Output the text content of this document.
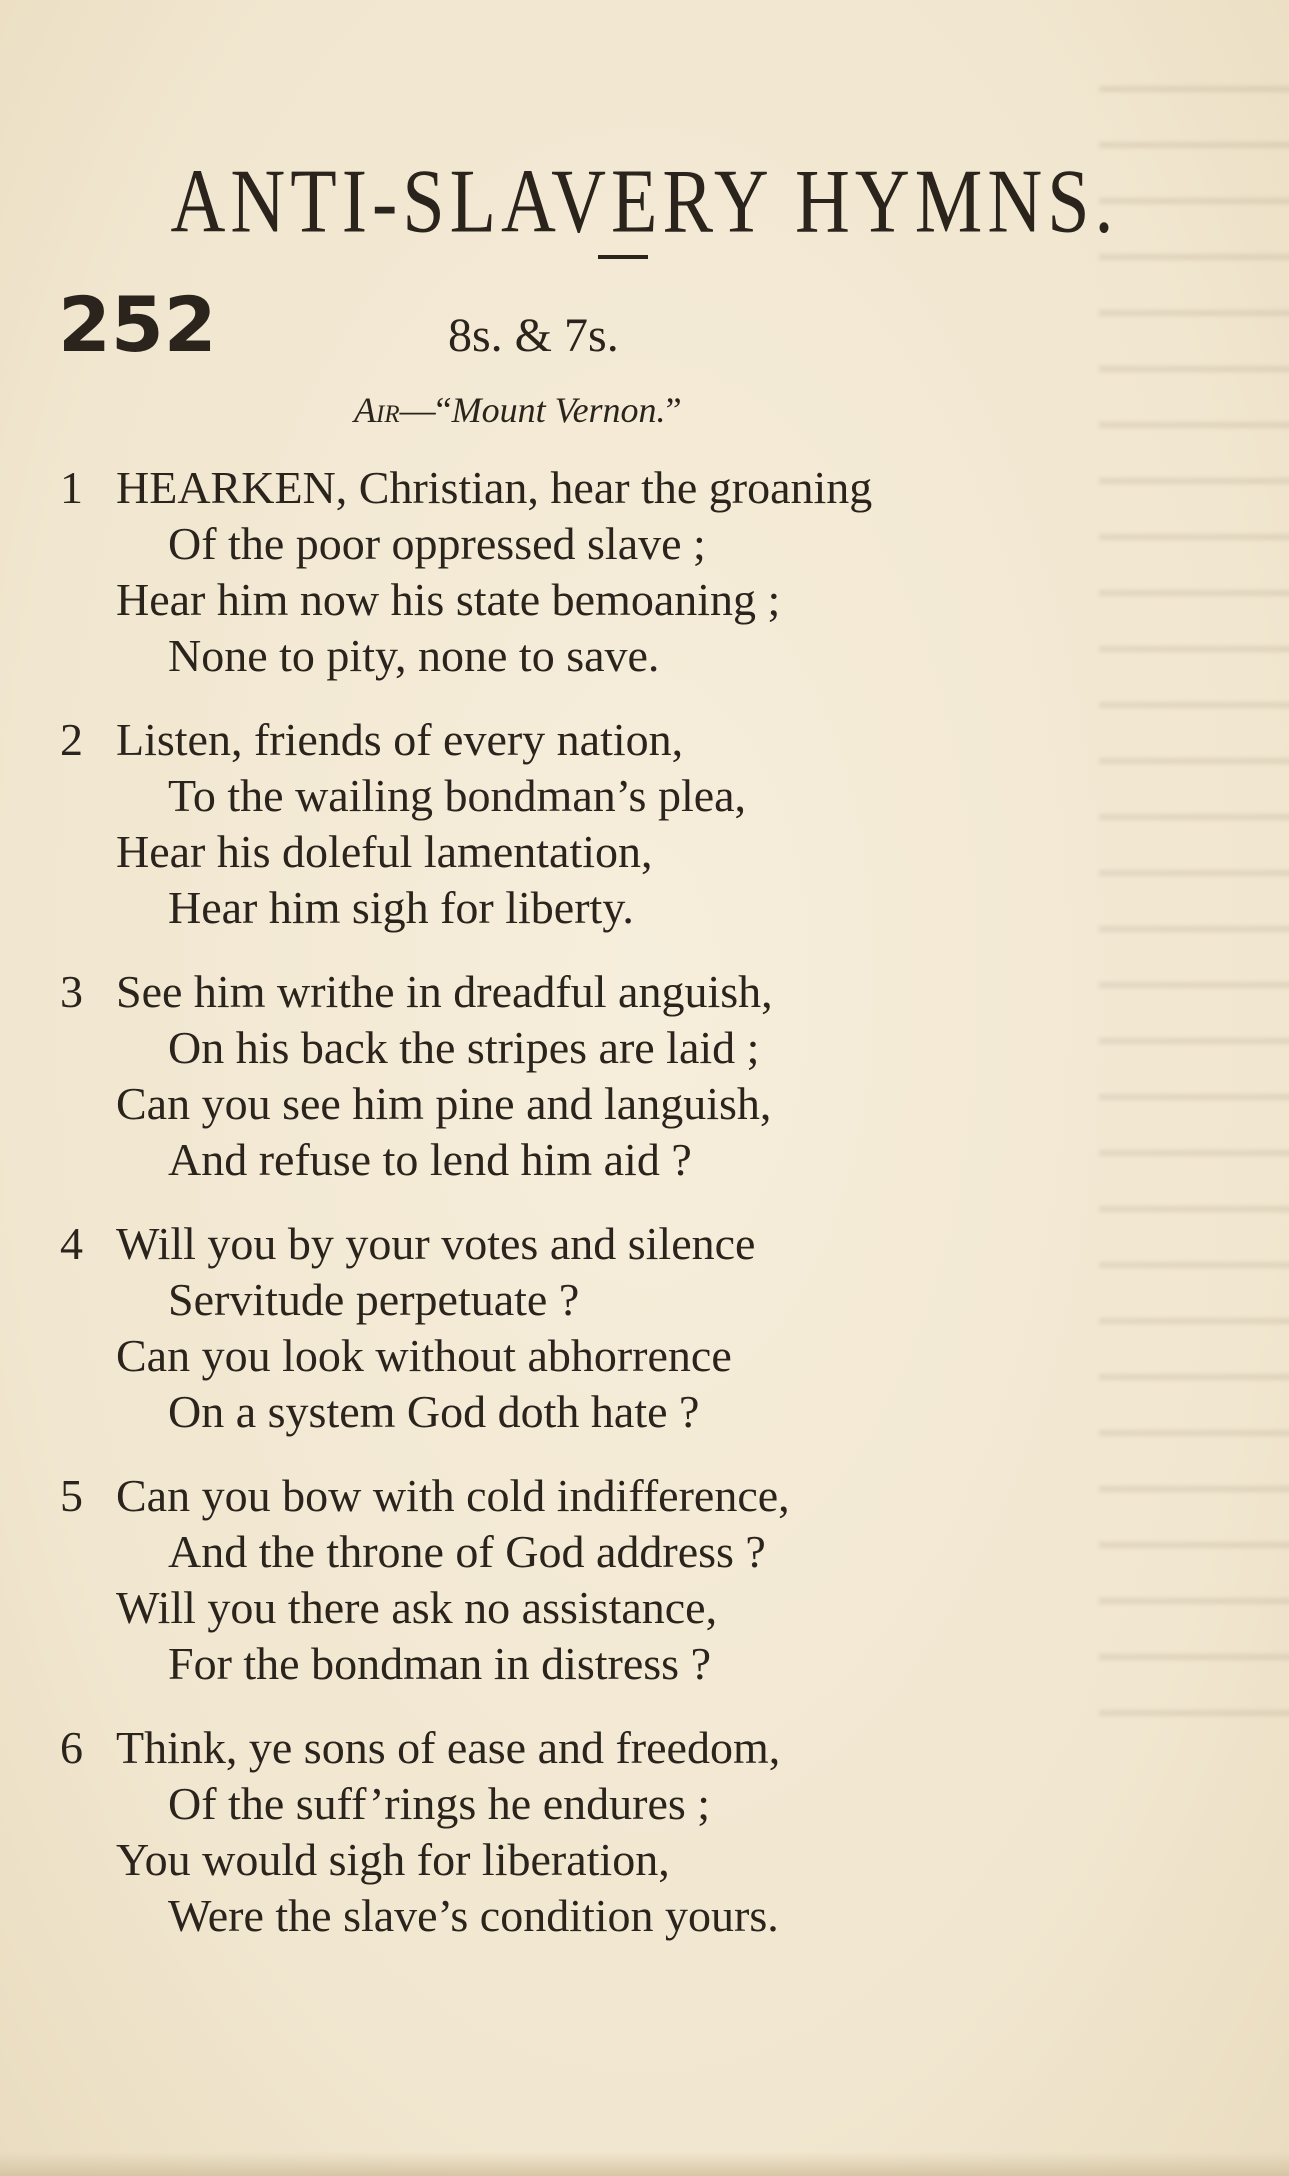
ANTI-SLAVERY HYMNS.
252	8s. & 7s.
Air—“Mount Vernon.”
1 HEARKEN, Christian, hear the groaning
Of the poor oppressed slave ;
Hear him now his state bemoaning ;
None to pity, none to save.
2 Listen, friends of every nation,
To the wailing bondman’s plea,
Hear his doleful lamentation,
Hear him sigh for liberty.
3 See him writhe in dreadful anguish,
On his back the stripes are laid ;
Can you see him pine and languish,
And refuse to lend him aid ?
4 Will you by your votes and silence
Servitude perpetuate ?
Can you look without abhorrence
On a system God doth hate ?
5 Can you bow with cold indifference,
And the throne of God address ?
Will you there ask no assistance,
For the bondman in distress ?
6 Think, ye sons of ease and freedom,
Of the suff’rings he endures ;
You would sigh for liberation,
Were the slave’s condition yours.
